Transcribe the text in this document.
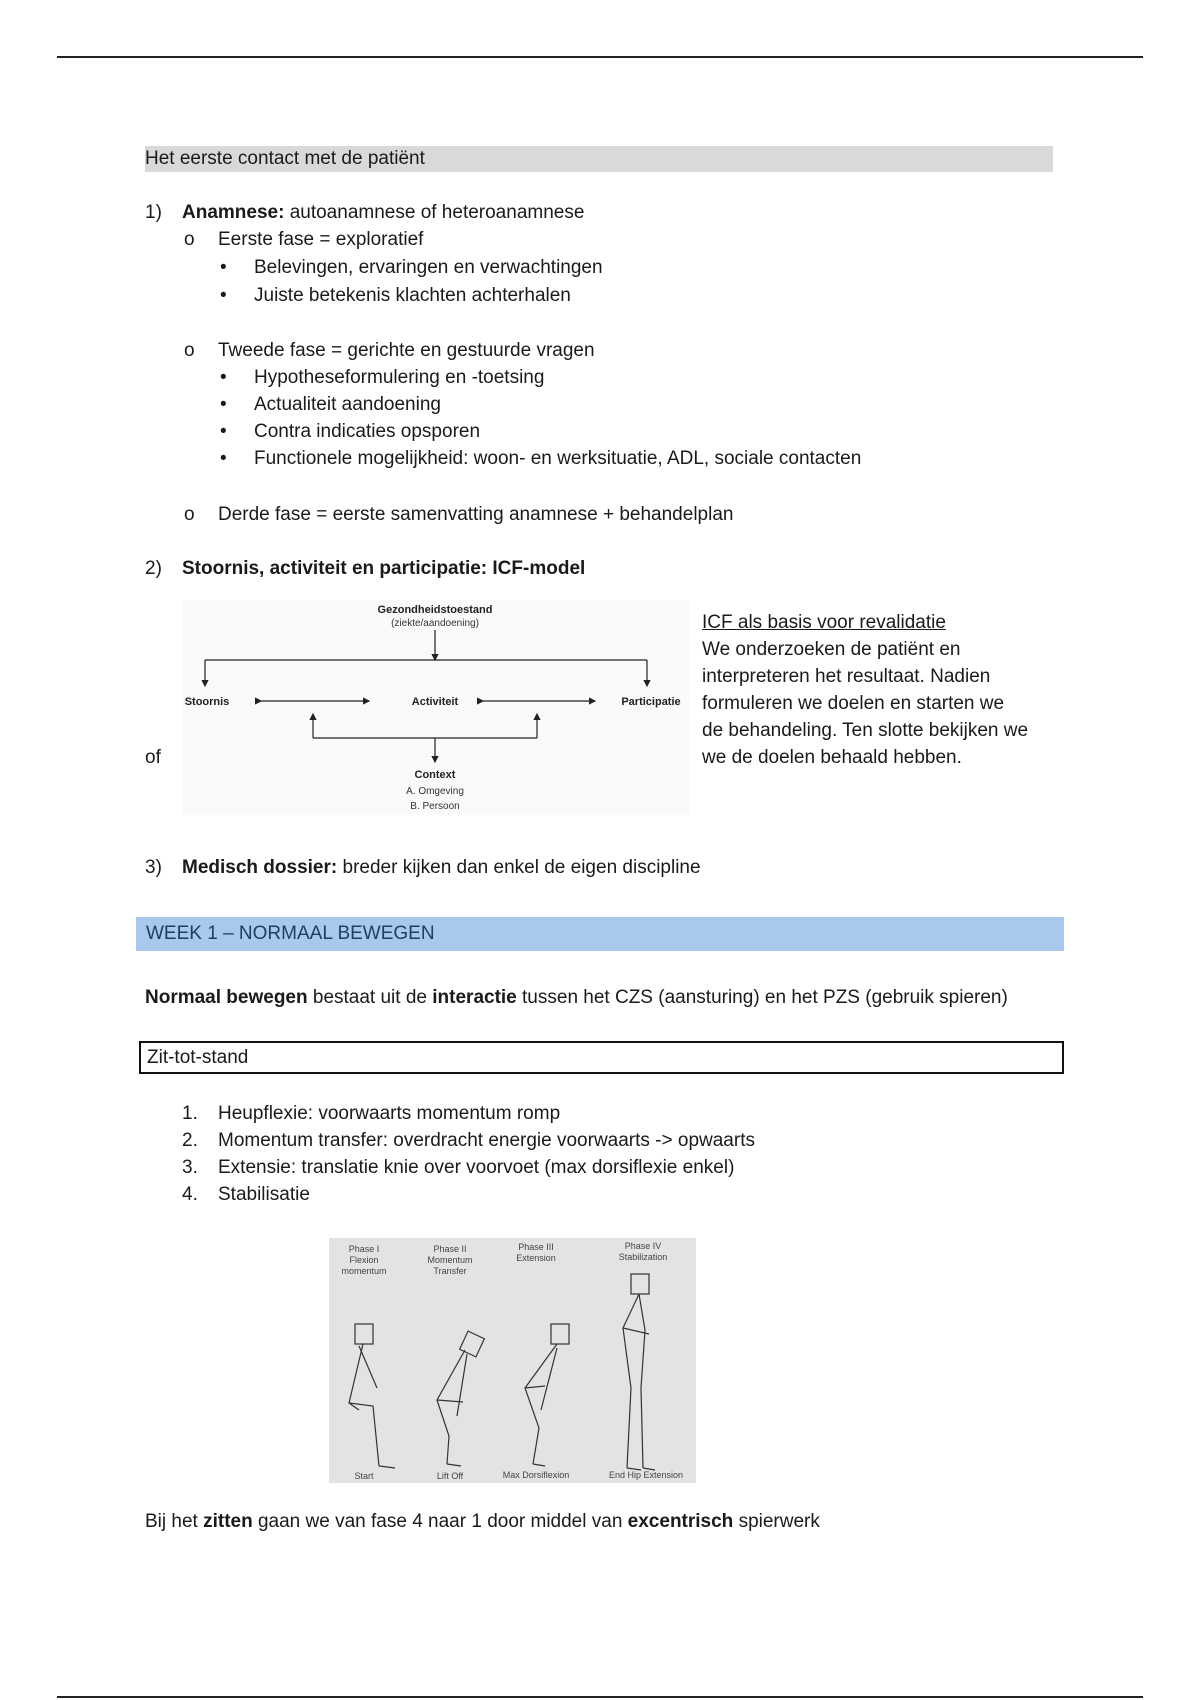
Het eerste contact met de patiënt
1) Anamnese: autoanamnese of heteroanamnese
o Eerste fase = exploratief
• Belevingen, ervaringen en verwachtingen
• Juiste betekenis klachten achterhalen
o Tweede fase = gerichte en gestuurde vragen
• Hypotheseformulering en -toetsing
• Actualiteit aandoening
• Contra indicaties opsporen
• Functionele mogelijkheid: woon- en werksituatie, ADL, sociale contacten
o Derde fase = eerste samenvatting anamnese + behandelplan
2) Stoornis, activiteit en participatie: ICF-model
of
Gezondheidstoestand
(ziekte/aandoening)
Stoornis	Activiteit	Participatie
Context
A. Omgeving
B. Persoon
ICF als basis voor revalidatie
We onderzoeken de patiënt en
interpreteren het resultaat. Nadien
formuleren we doelen en starten we
de behandeling. Ten slotte bekijken we
we de doelen behaald hebben.
3) Medisch dossier: breder kijken dan enkel de eigen discipline
WEEK 1 – NORMAAL BEWEGEN
Normaal bewegen bestaat uit de interactie tussen het CZS (aansturing) en het PZS (gebruik spieren)
Zit-tot-stand
1. Heupflexie: voorwaarts momentum romp
2. Momentum transfer: overdracht energie voorwaarts -> opwaarts
3. Extensie: translatie knie over voorvoet (max dorsiflexie enkel)
4. Stabilisatie
Phase I
Flexion
momentum
Phase II
Momentum
Transfer
Phase III
Extension
Phase IV
Stabilization
Start	Lift Off	Max Dorsiflexion	End Hip Extension
Bij het zitten gaan we van fase 4 naar 1 door middel van excentrisch spierwerk
